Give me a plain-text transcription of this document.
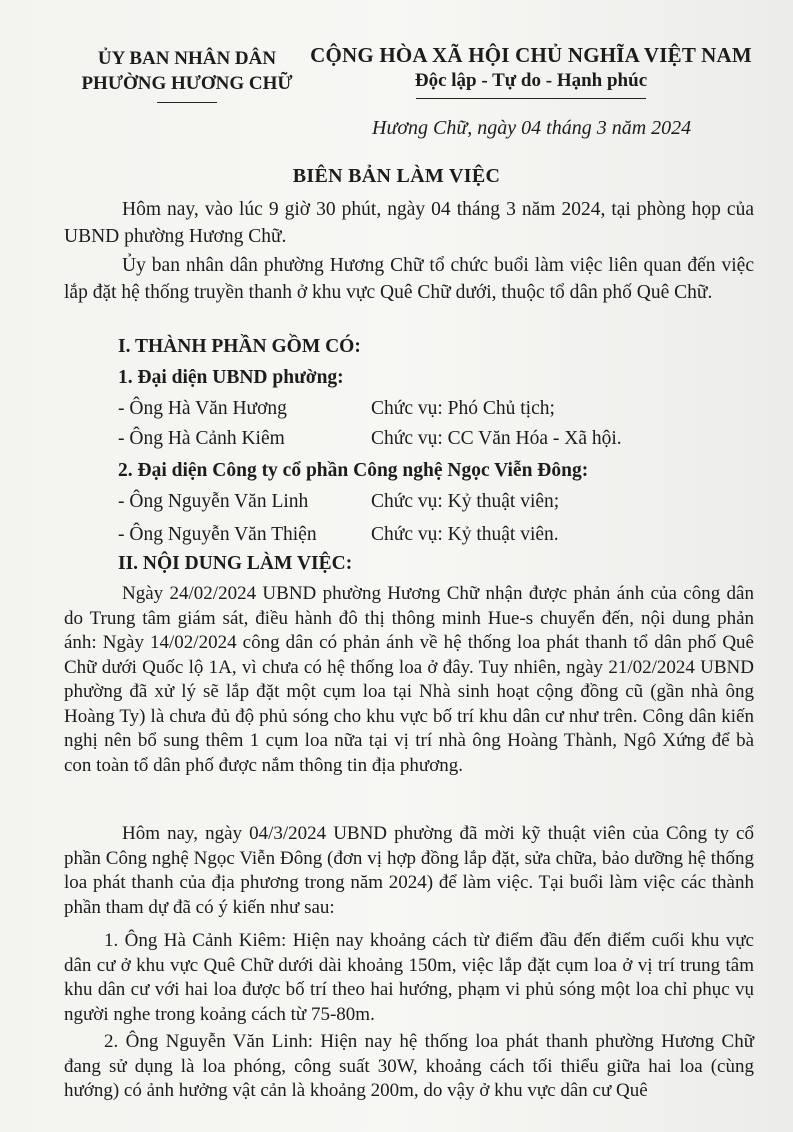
ỦY BAN NHÂN DÂN
PHƯỜNG HƯƠNG CHỮ
CỘNG HÒA XÃ HỘI CHỦ NGHĨA VIỆT NAM
Độc lập - Tự do - Hạnh phúc
Hương Chữ, ngày 04 tháng 3 năm 2024
BIÊN BẢN LÀM VIỆC
Hôm nay, vào lúc 9 giờ 30 phút, ngày 04 tháng 3 năm 2024, tại phòng họp của UBND phường Hương Chữ.
Ủy ban nhân dân phường Hương Chữ tổ chức buổi làm việc liên quan đến việc lắp đặt hệ thống truyền thanh ở khu vực Quê Chữ dưới, thuộc tổ dân phố Quê Chữ.
I. THÀNH PHẦN GỒM CÓ:
1. Đại diện UBND phường:
- Ông Hà Văn Hương	Chức vụ: Phó Chủ tịch;
- Ông Hà Cảnh Kiêm	Chức vụ: CC Văn Hóa - Xã hội.
2. Đại diện Công ty cổ phần Công nghệ Ngọc Viễn Đông:
- Ông Nguyễn Văn Linh	Chức vụ: Kỷ thuật viên;
- Ông Nguyễn Văn Thiện	Chức vụ: Kỷ thuật viên.
II. NỘI DUNG LÀM VIỆC:
Ngày 24/02/2024 UBND phường Hương Chữ nhận được phản ánh của công dân do Trung tâm giám sát, điều hành đô thị thông minh Hue-s chuyển đến, nội dung phản ánh: Ngày 14/02/2024 công dân có phản ánh về hệ thống loa phát thanh tổ dân phố Quê Chữ dưới Quốc lộ 1A, vì chưa có hệ thống loa ở đây. Tuy nhiên, ngày 21/02/2024 UBND phường đã xử lý sẽ lắp đặt một cụm loa tại Nhà sinh hoạt cộng đồng cũ (gần nhà ông Hoàng Ty) là chưa đủ độ phủ sóng cho khu vực bố trí khu dân cư như trên. Công dân kiến nghị nên bổ sung thêm 1 cụm loa nữa tại vị trí nhà ông Hoàng Thành, Ngô Xứng để bà con toàn tổ dân phố được nắm thông tin địa phương.
Hôm nay, ngày 04/3/2024 UBND phường đã mời kỹ thuật viên của Công ty cổ phần Công nghệ Ngọc Viễn Đông (đơn vị hợp đồng lắp đặt, sửa chữa, bảo dưỡng hệ thống loa phát thanh của địa phương trong năm 2024) để làm việc. Tại buổi làm việc các thành phần tham dự đã có ý kiến như sau:
1. Ông Hà Cảnh Kiêm: Hiện nay khoảng cách từ điểm đầu đến điểm cuối khu vực dân cư ở khu vực Quê Chữ dưới dài khoảng 150m, việc lắp đặt cụm loa ở vị trí trung tâm khu dân cư với hai loa được bố trí theo hai hướng, phạm vi phủ sóng một loa chỉ phục vụ người nghe trong koảng cách từ 75-80m.
2. Ông Nguyễn Văn Linh: Hiện nay hệ thống loa phát thanh phường Hương Chữ đang sử dụng là loa phóng, công suất 30W, khoảng cách tối thiểu giữa hai loa (cùng hướng) có ảnh hưởng vật cản là khoảng 200m, do vậy ở khu vực dân cư Quê
